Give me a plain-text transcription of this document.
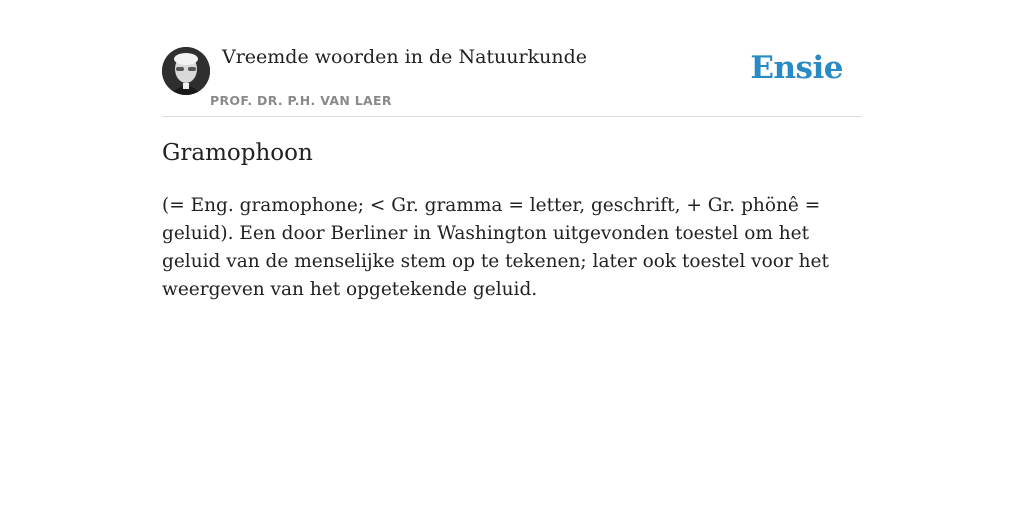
Vreemde woorden in de Natuurkunde
PROF. DR. P.H. VAN LAER
Ensie
Gramophoon

(= Eng. gramophone; < Gr. gramma = letter, geschrift, + Gr. phönê = geluid). Een door Berliner in Washington uitgevonden toestel om het geluid van de menselijke stem op te tekenen; later ook toestel voor het weergeven van het opgetekende geluid.
